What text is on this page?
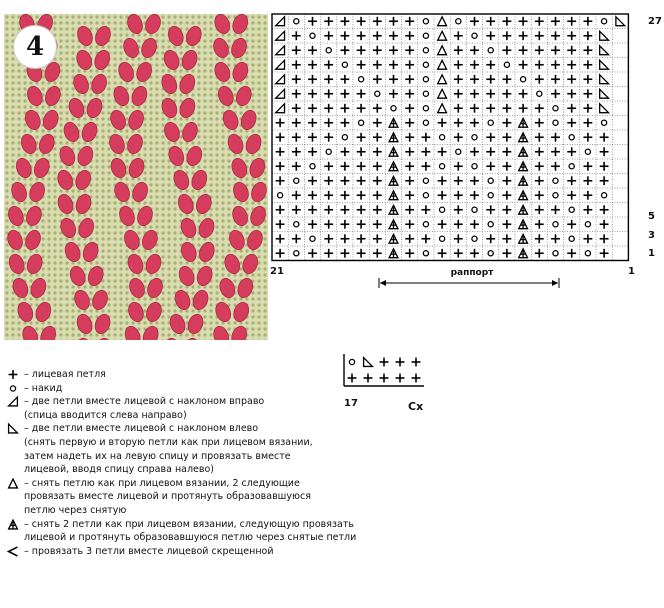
4
27
5
3
1
21	1
раппорт
17	Сх
– лицевая петля
– накид
– две петли вместе лицевой с наклоном вправо
(спица вводится слева направо)
– две петли вместе лицевой с наклоном влево
(снять первую и вторую петли как при лицевом вязании,
затем надеть их на левую спицу и провязать вместе
лицевой, вводя спицу справа налево)
– снять петлю как при лицевом вязании, 2 следующие
провязать вместе лицевой и протянуть образовавшуюся
петлю через снятую
– снять 2 петли как при лицевом вязании, следующую провязать
лицевой и протянуть образовавшуюся петлю через снятые петли
– провязать 3 петли вместе лицевой скрещенной
